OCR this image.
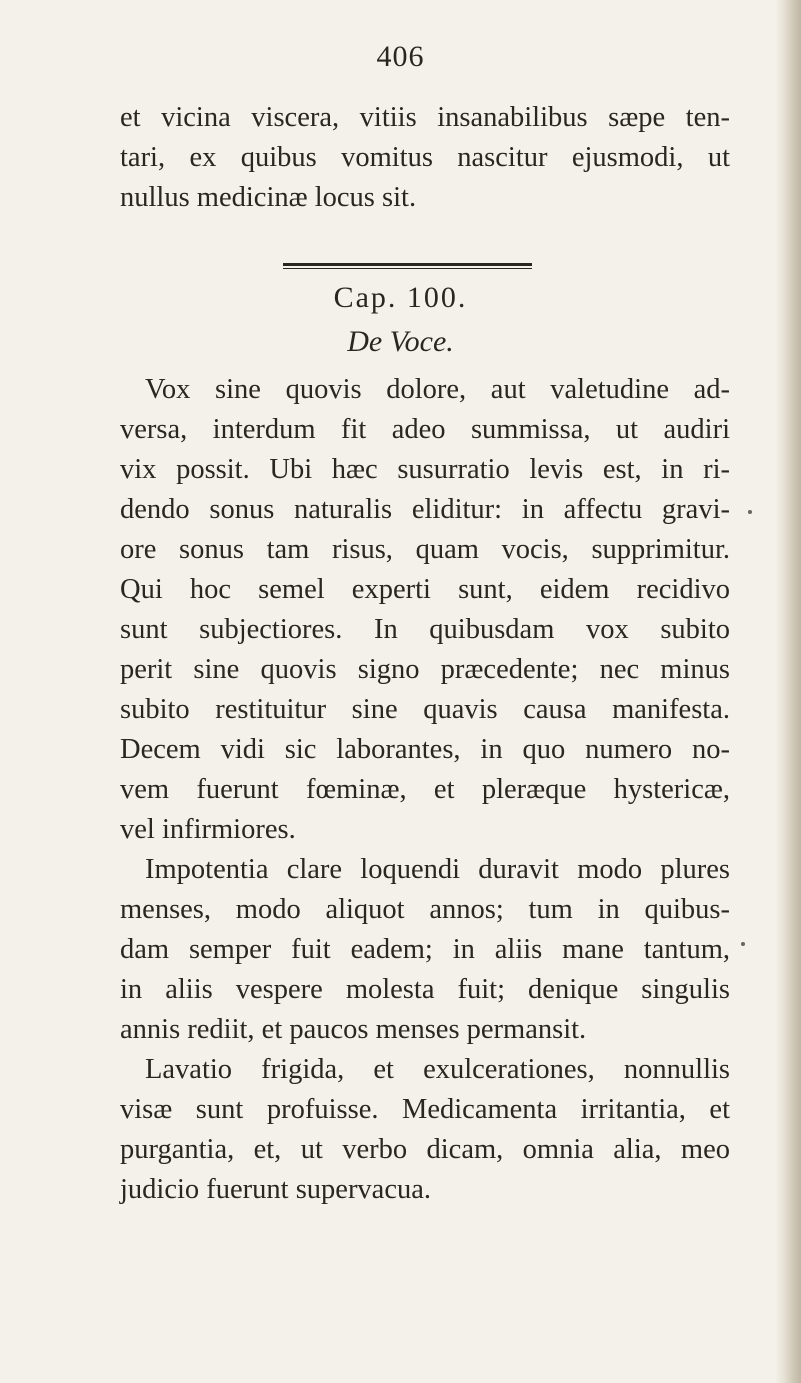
406
et vicina viscera, vitiis insanabilibus sæpe ten-
tari, ex quibus vomitus nascitur ejusmodi, ut
nullus medicinæ locus sit.
Cap. 100.
De Voce.
Vox sine quovis dolore, aut valetudine ad-
versa, interdum fit adeo summissa, ut audiri
vix possit. Ubi hæc susurratio levis est, in ri-
dendo sonus naturalis eliditur: in affectu gravi-
ore sonus tam risus, quam vocis, supprimitur.
Qui hoc semel experti sunt, eidem recidivo
sunt subjectiores. In quibusdam vox subito
perit sine quovis signo præcedente; nec minus
subito restituitur sine quavis causa manifesta.
Decem vidi sic laborantes, in quo numero no-
vem fuerunt fœminæ, et pleræque hystericæ,
vel infirmiores.
Impotentia clare loquendi duravit modo plures
menses, modo aliquot annos; tum in quibus-
dam semper fuit eadem; in aliis mane tantum,
in aliis vespere molesta fuit; denique singulis
annis rediit, et paucos menses permansit.
Lavatio frigida, et exulcerationes, nonnullis
visæ sunt profuisse. Medicamenta irritantia, et
purgantia, et, ut verbo dicam, omnia alia, meo
judicio fuerunt supervacua.
